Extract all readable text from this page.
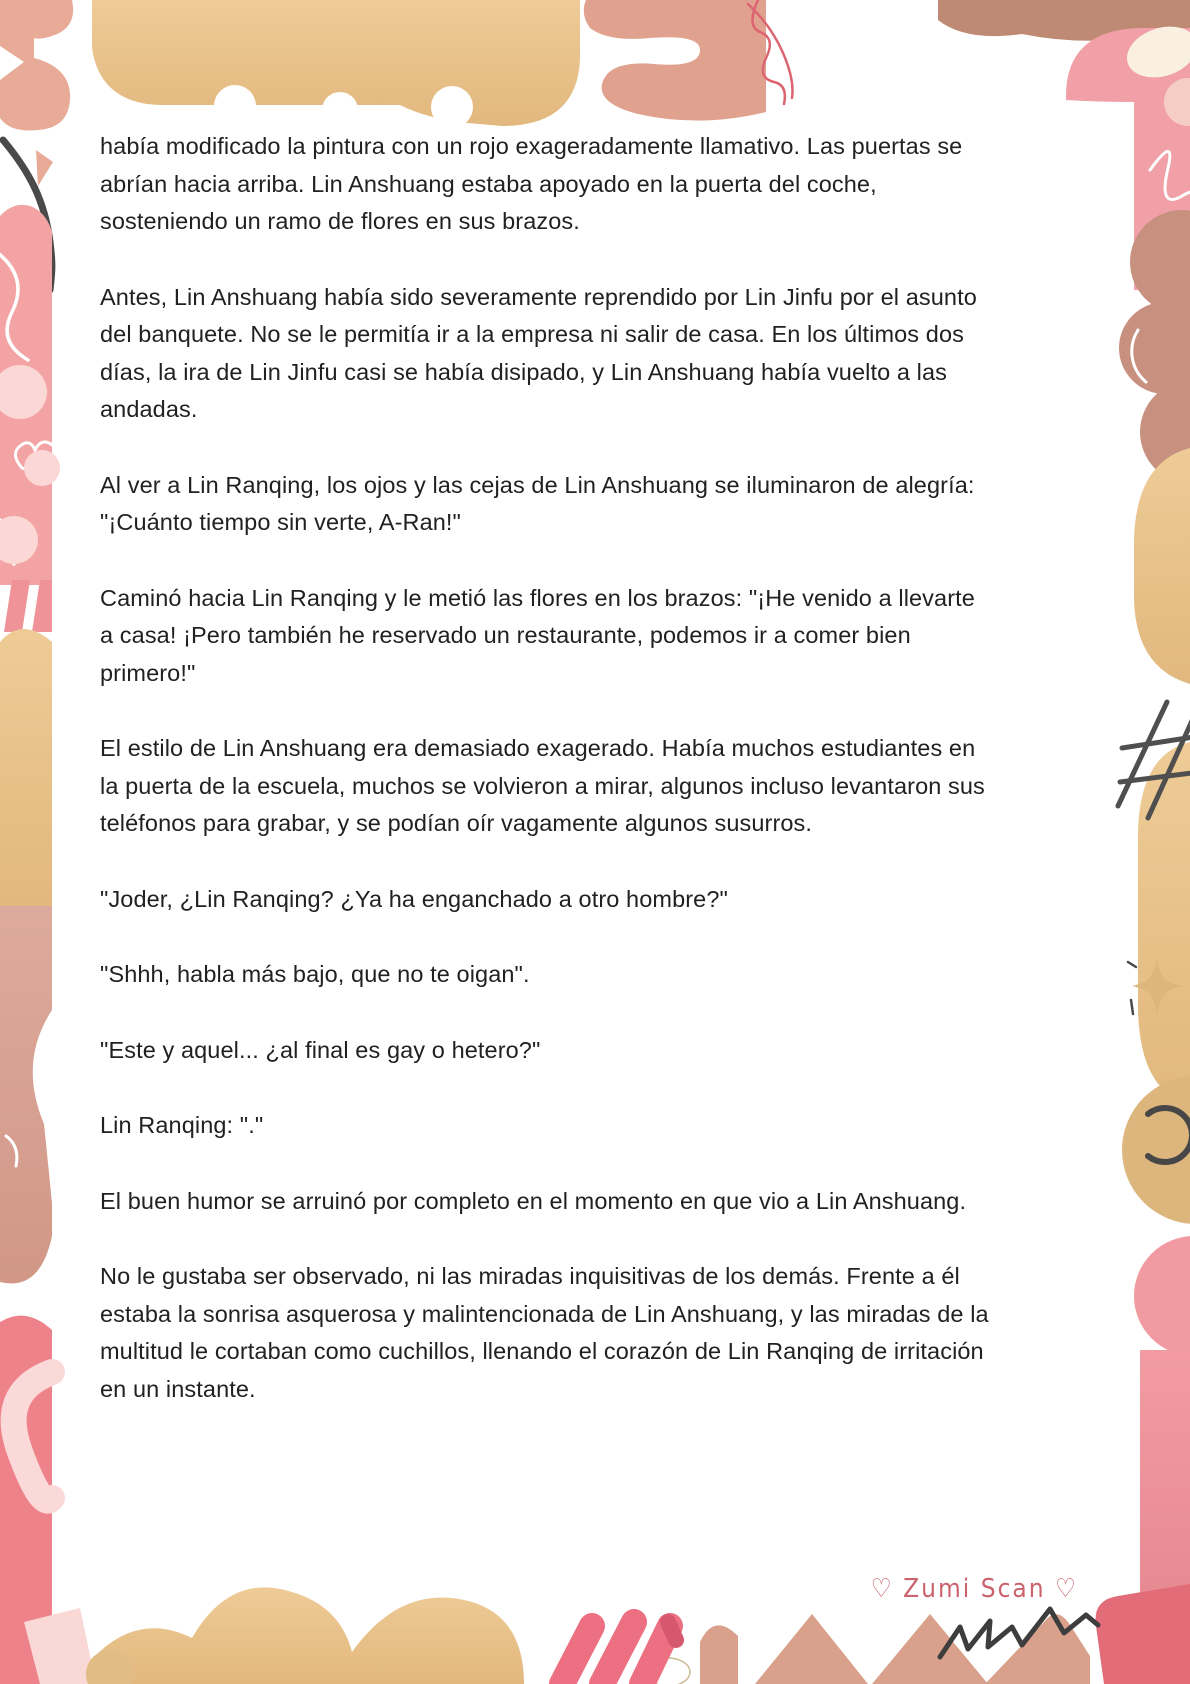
había modificado la pintura con un rojo exageradamente llamativo. Las puertas se abrían hacia arriba. Lin Anshuang estaba apoyado en la puerta del coche, sosteniendo un ramo de flores en sus brazos.

Antes, Lin Anshuang había sido severamente reprendido por Lin Jinfu por el asunto del banquete. No se le permitía ir a la empresa ni salir de casa. En los últimos dos días, la ira de Lin Jinfu casi se había disipado, y Lin Anshuang había vuelto a las andadas.

Al ver a Lin Ranqing, los ojos y las cejas de Lin Anshuang se iluminaron de alegría: "¡Cuánto tiempo sin verte, A-Ran!"

Caminó hacia Lin Ranqing y le metió las flores en los brazos: "¡He venido a llevarte a casa! ¡Pero también he reservado un restaurante, podemos ir a comer bien primero!"

El estilo de Lin Anshuang era demasiado exagerado. Había muchos estudiantes en la puerta de la escuela, muchos se volvieron a mirar, algunos incluso levantaron sus teléfonos para grabar, y se podían oír vagamente algunos susurros.

"Joder, ¿Lin Ranqing? ¿Ya ha enganchado a otro hombre?"

"Shhh, habla más bajo, que no te oigan".

"Este y aquel... ¿al final es gay o hetero?"

Lin Ranqing: "."

El buen humor se arruinó por completo en el momento en que vio a Lin Anshuang.

No le gustaba ser observado, ni las miradas inquisitivas de los demás. Frente a él estaba la sonrisa asquerosa y malintencionada de Lin Anshuang, y las miradas de la multitud le cortaban como cuchillos, llenando el corazón de Lin Ranqing de irritación en un instante.

♡ Zumi Scan ♡
